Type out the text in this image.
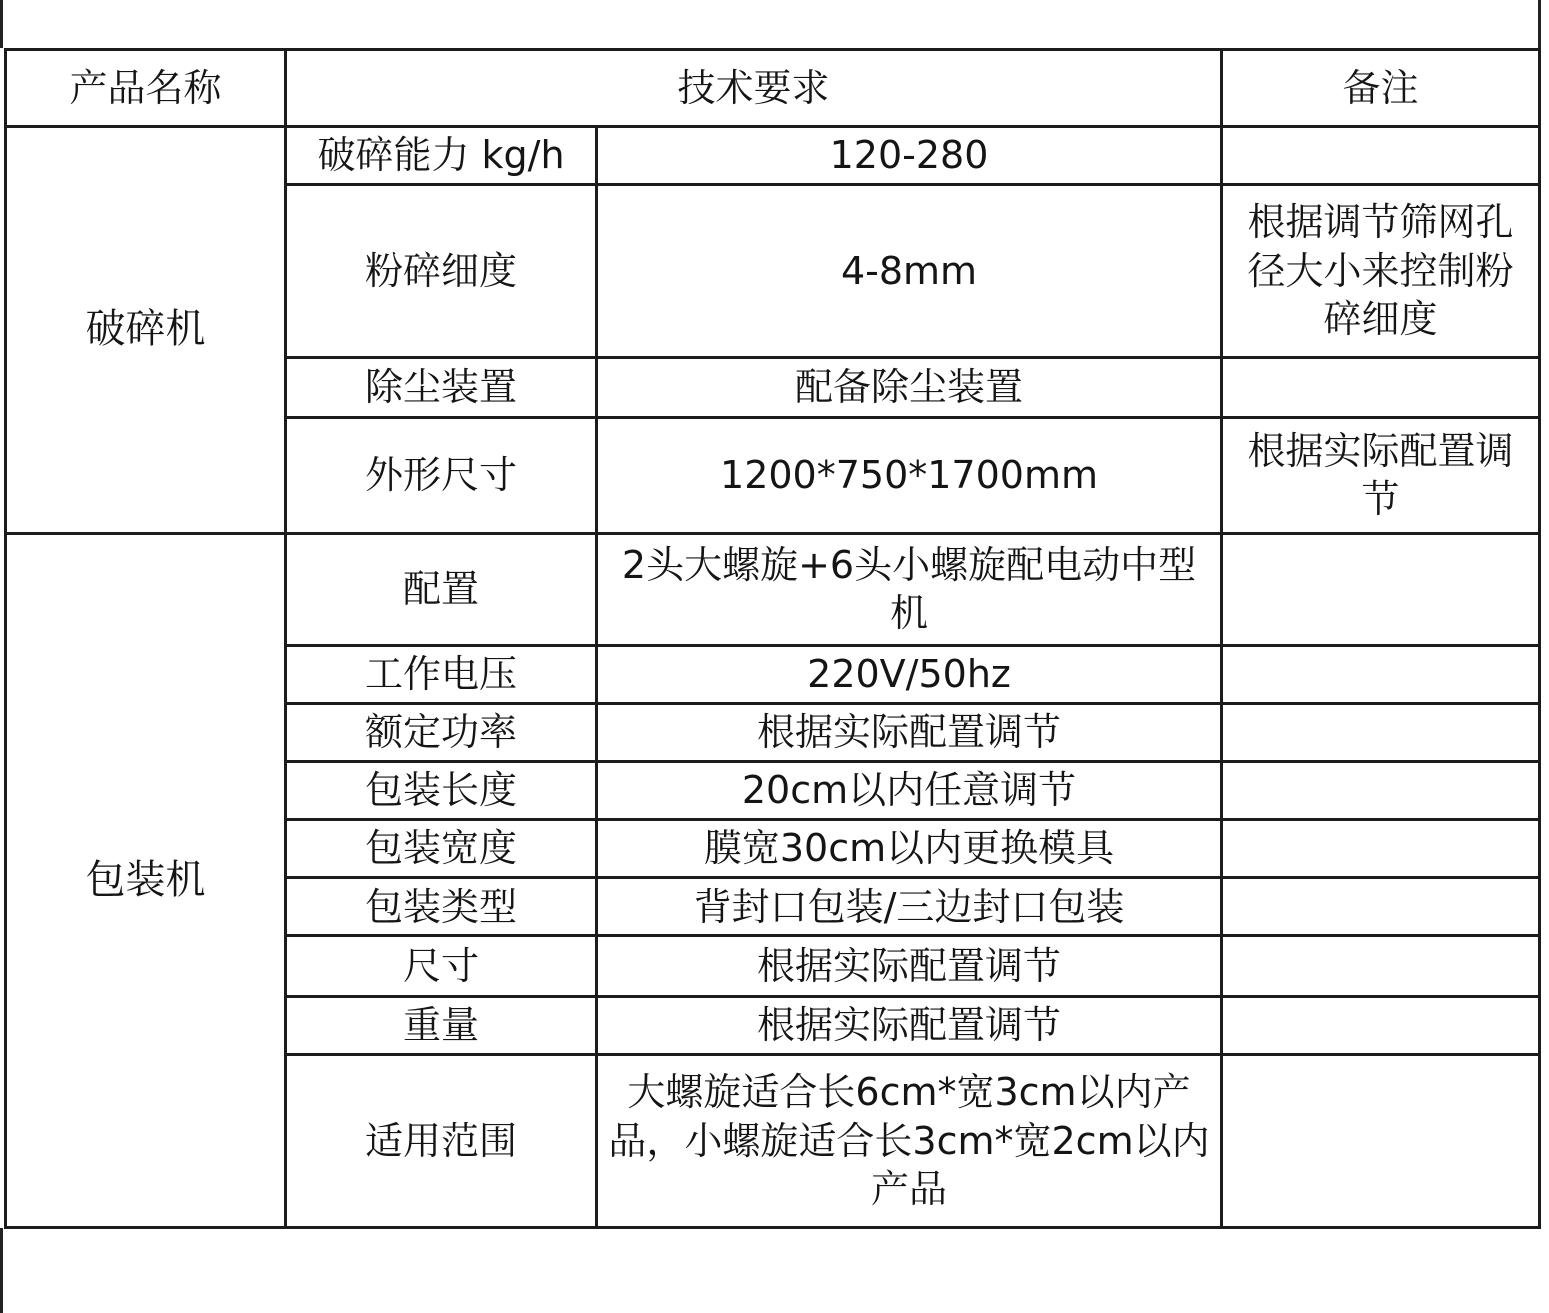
产品名称	技术要求		备注
破碎机	破碎能力 kg/h	120-280	
	粉碎细度	4-8mm	根据调节筛网孔径大小来控制粉碎细度
	除尘装置	配备除尘装置	
	外形尺寸	1200*750*1700mm	根据实际配置调节
包装机	配置	2头大螺旋+6头小螺旋配电动中型机	
	工作电压	220V/50hz	
	额定功率	根据实际配置调节	
	包装长度	20cm以内任意调节	
	包装宽度	膜宽30cm以内更换模具	
	包装类型	背封口包装/三边封口包装	
	尺寸	根据实际配置调节	
	重量	根据实际配置调节	
	适用范围	大螺旋适合长6cm*宽3cm以内产品，小螺旋适合长3cm*宽2cm以内产品	
